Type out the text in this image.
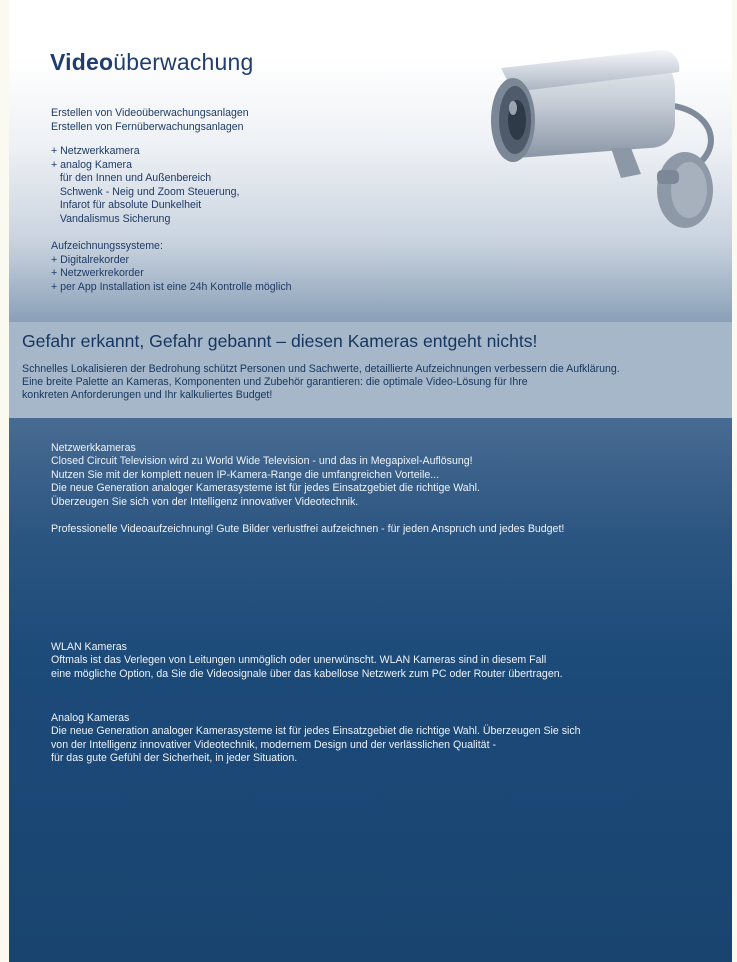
Videoüberwachung
Erstellen von Videoüberwachungsanlagen
Erstellen von Fernüberwachungsanlagen
+ Netzwerkkamera
+ analog Kamera
für den Innen und Außenbereich
Schwenk - Neig und Zoom Steuerung,
Infarot für absolute Dunkelheit
Vandalismus Sicherung
Aufzeichnungssysteme:
+ Digitalrekorder
+ Netzwerkrekorder
+ per App Installation ist eine 24h Kontrolle möglich
Gefahr erkannt, Gefahr gebannt – diesen Kameras entgeht nichts!
Schnelles Lokalisieren der Bedrohung schützt Personen und Sachwerte, detaillierte Aufzeichnungen verbessern die Aufklärung.
Eine breite Palette an Kameras, Komponenten und Zubehör garantieren: die optimale Video-Lösung für Ihre
konkreten Anforderungen und Ihr kalkuliertes Budget!
Netzwerkkameras
Closed Circuit Television wird zu World Wide Television - und das in Megapixel-Auflösung!
Nutzen Sie mit der komplett neuen IP-Kamera-Range die umfangreichen Vorteile...
Die neue Generation analoger Kamerasysteme ist für jedes Einsatzgebiet die richtige Wahl.
Überzeugen Sie sich von der Intelligenz innovativer Videotechnik.
Professionelle Videoaufzeichnung! Gute Bilder verlustfrei aufzeichnen - für jeden Anspruch und jedes Budget!
WLAN Kameras
Oftmals ist das Verlegen von Leitungen unmöglich oder unerwünscht. WLAN Kameras sind in diesem Fall
eine mögliche Option, da Sie die Videosignale über das kabellose Netzwerk zum PC oder Router übertragen.
Analog Kameras
Die neue Generation analoger Kamerasysteme ist für jedes Einsatzgebiet die richtige Wahl. Überzeugen Sie sich
von der Intelligenz innovativer Videotechnik, modernem Design und der verlässlichen Qualität -
für das gute Gefühl der Sicherheit, in jeder Situation.
